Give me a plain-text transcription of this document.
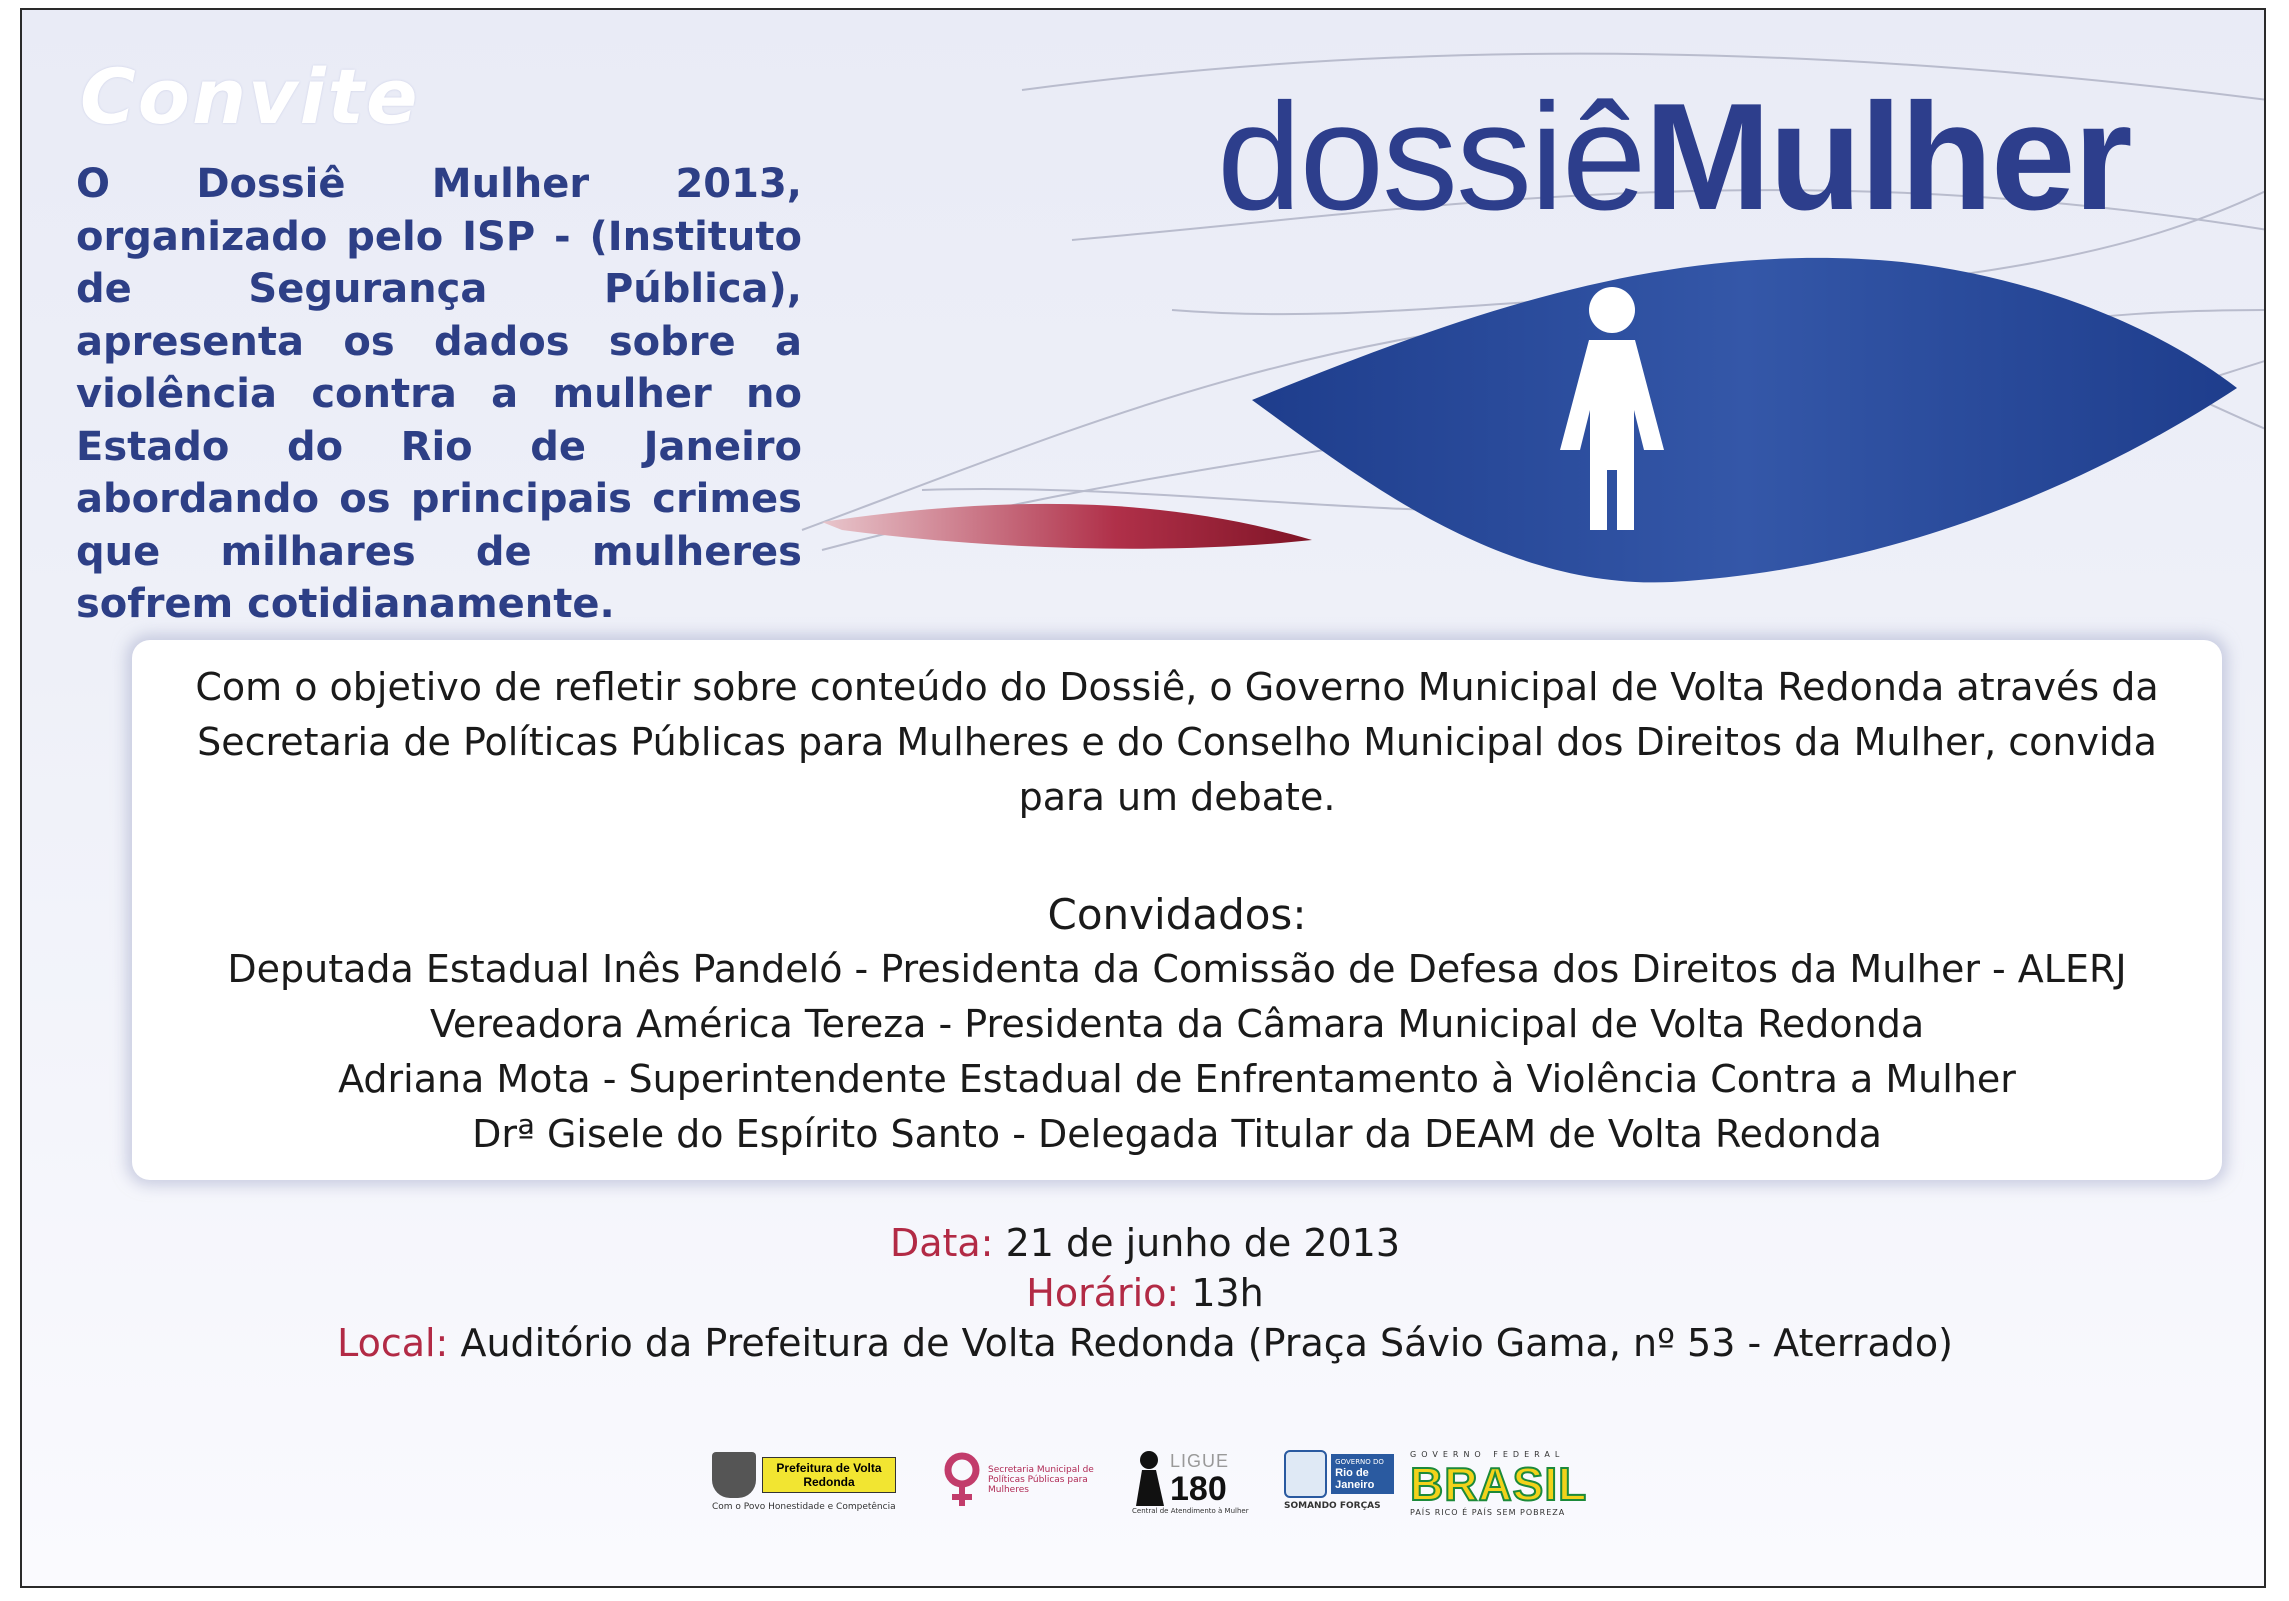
Convite
O Dossiê Mulher 2013, organizado pelo ISP - (Instituto de Segurança Pública), apresenta os dados sobre a violência contra a mulher no Estado do Rio de Janeiro abordando os principais crimes que milhares de mulheres sofrem cotidianamente.
dossiêMulher

Com o objetivo de refletir sobre conteúdo do Dossiê, o Governo Municipal de Volta Redonda através da Secretaria de Políticas Públicas para Mulheres e do Conselho Municipal dos Direitos da Mulher, convida para um debate.

Convidados:

Deputada Estadual Inês Pandeló - Presidenta da Comissão de Defesa dos Direitos da Mulher - ALERJ

Vereadora América Tereza - Presidenta da Câmara Municipal de Volta Redonda

Adriana Mota - Superintendente Estadual de Enfrentamento à Violência Contra a Mulher

Drª Gisele do Espírito Santo - Delegada Titular da DEAM de Volta Redonda

Data: 21 de junho de 2013

Horário: 13h

Local: Auditório da Prefeitura de Volta Redonda (Praça Sávio Gama, nº 53 - Aterrado)

Prefeitura de Volta Redonda
Com o Povo Honestidade e Competência
Secretaria Municipal de Políticas Públicas para Mulheres
LIGUE
180
Central de Atendimento à Mulher
GOVERNO DO
Rio de Janeiro
SOMANDO FORÇAS
GOVERNO FEDERAL
BRASIL
PAÍS RICO É PAÍS SEM POBREZA
